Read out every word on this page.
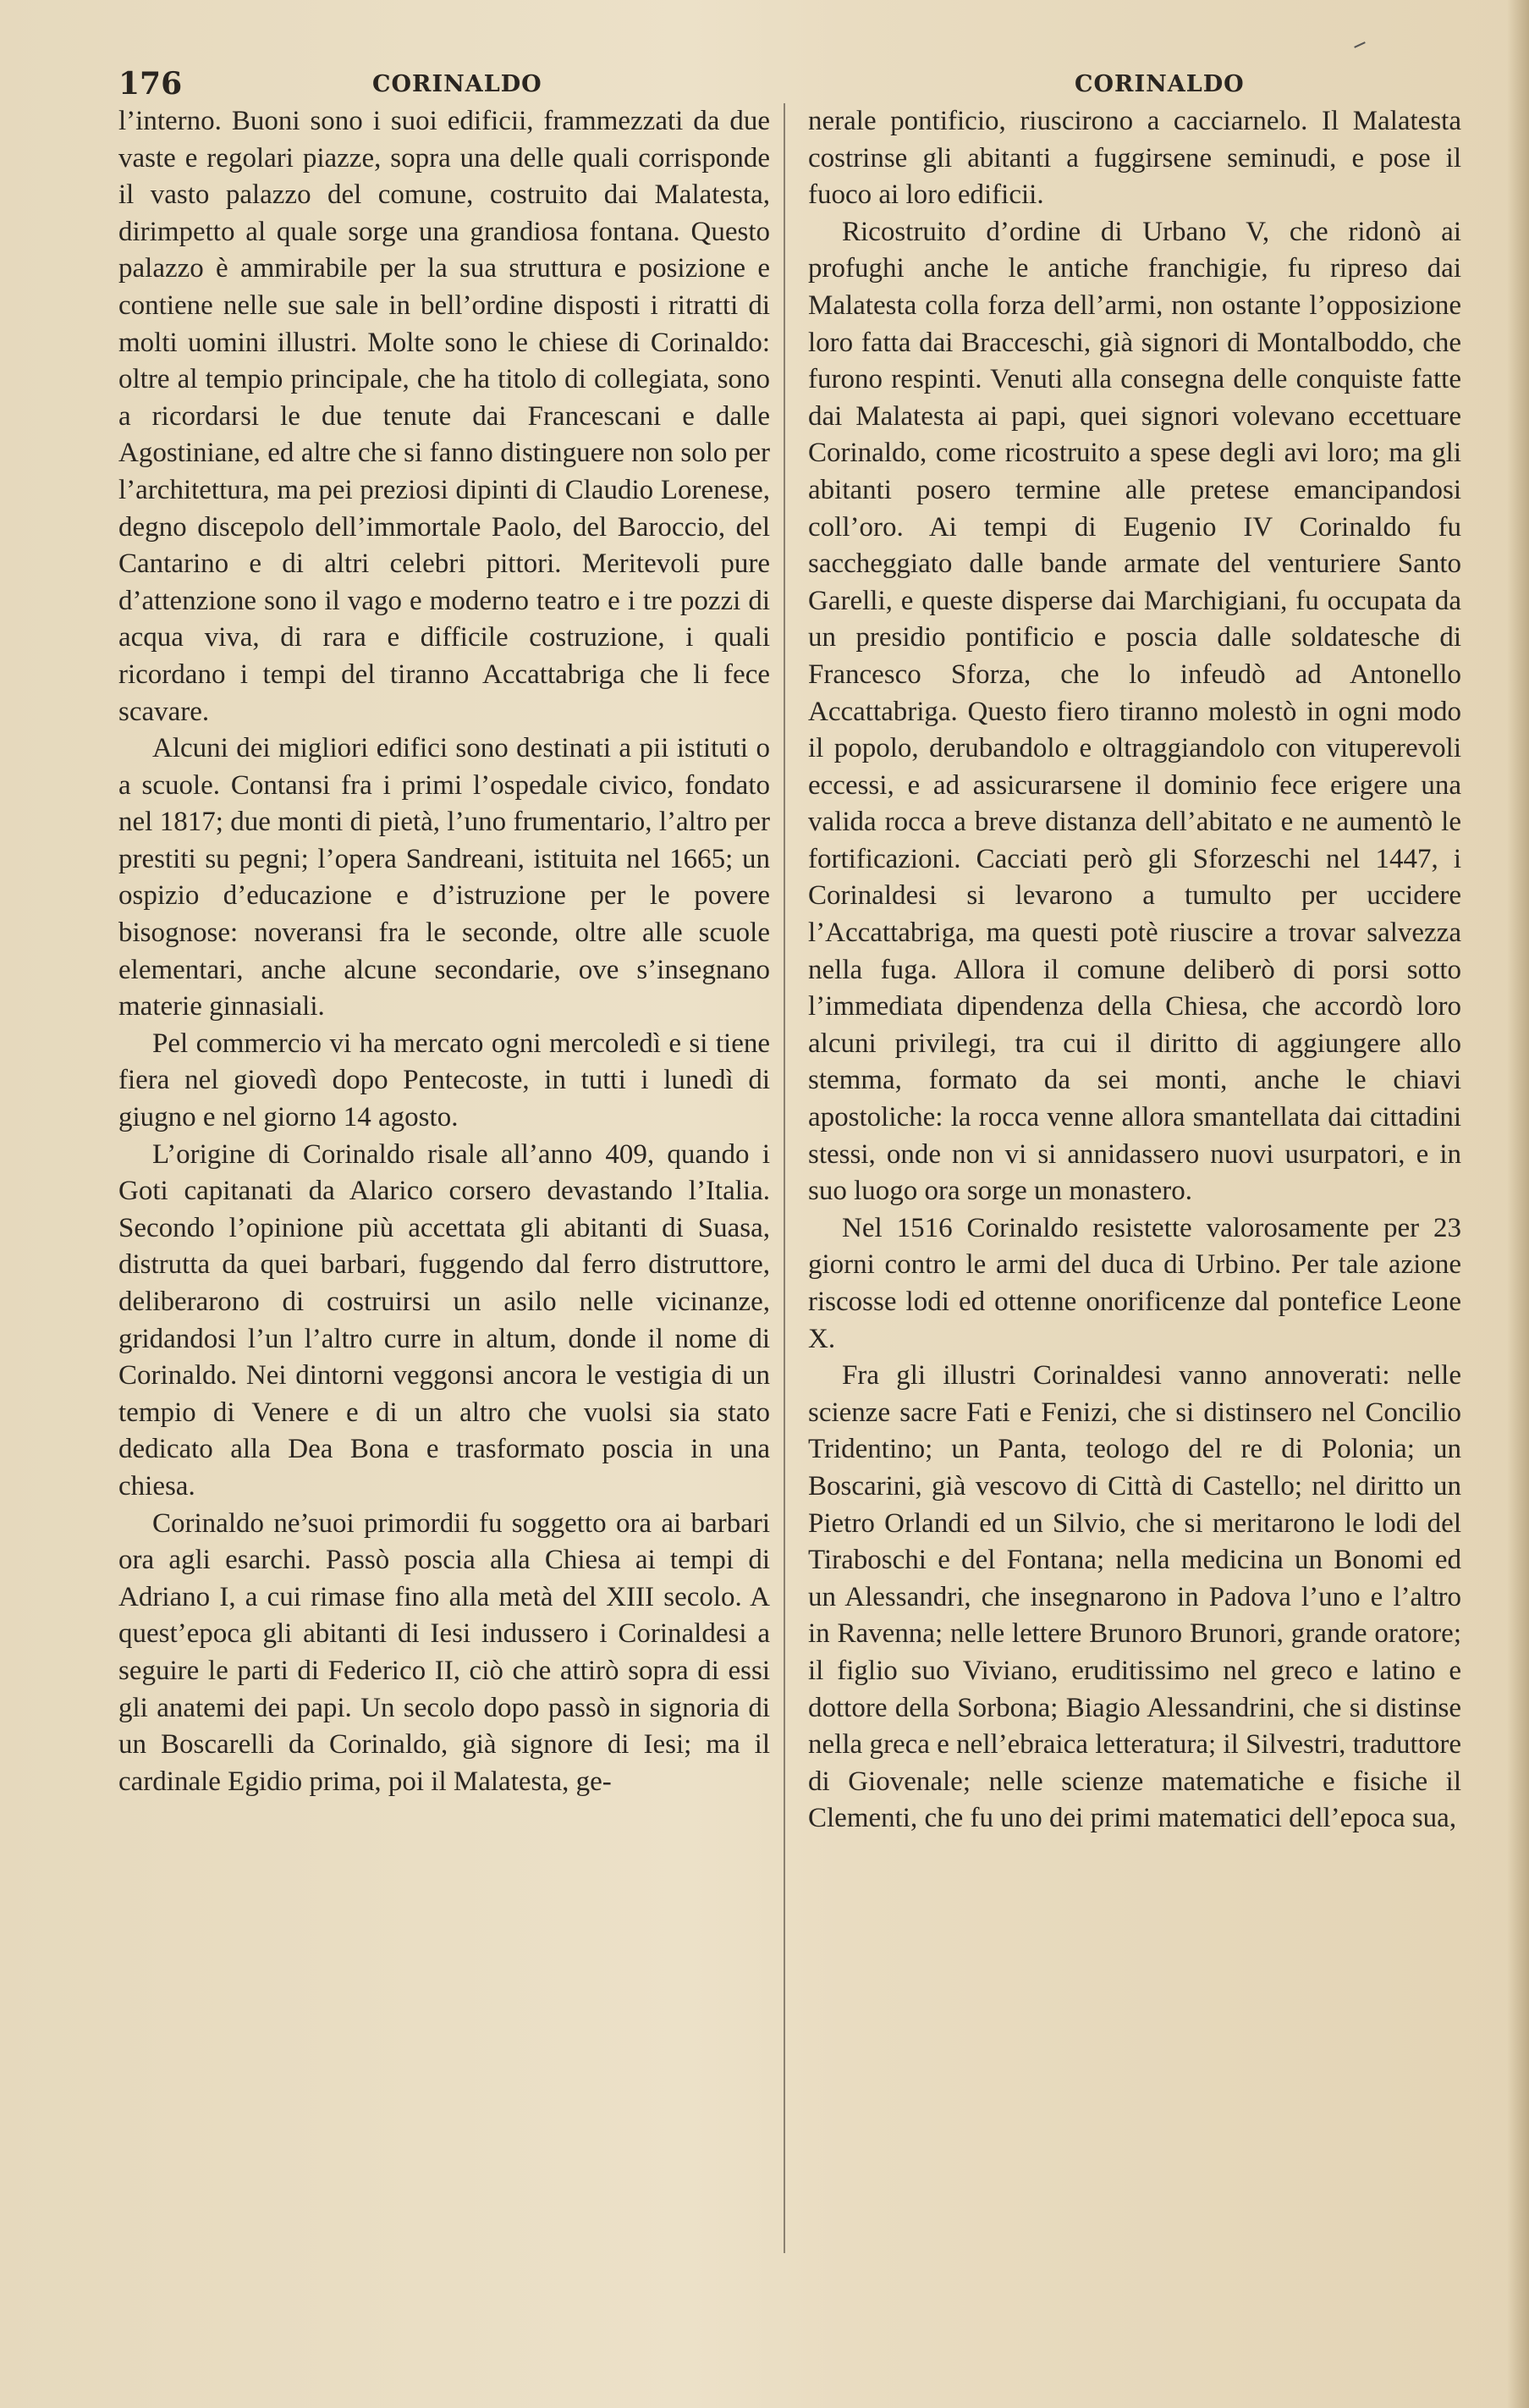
176	CORINALDO	CORINALDO

l’interno. Buoni sono i suoi edificii, frammezzati da due vaste e regolari piazze, sopra una delle quali corrisponde il vasto palazzo del comune, costruito dai Malatesta, dirimpetto al quale sorge una grandiosa fontana. Questo palazzo è ammirabile per la sua struttura e posizione e contiene nelle sue sale in bell’ordine disposti i ritratti di molti uomini illustri. Molte sono le chiese di Corinaldo: oltre al tempio principale, che ha titolo di collegiata, sono a ricordarsi le due tenute dai Francescani e dalle Agostiniane, ed altre che si fanno distinguere non solo per l’architettura, ma pei preziosi dipinti di Claudio Lorenese, degno discepolo dell’immortale Paolo, del Baroccio, del Cantarino e di altri celebri pittori. Meritevoli pure d’attenzione sono il vago e moderno teatro e i tre pozzi di acqua viva, di rara e difficile costruzione, i quali ricordano i tempi del tiranno Accattabriga che li fece scavare.

Alcuni dei migliori edifici sono destinati a pii istituti o a scuole. Contansi fra i primi l’ospedale civico, fondato nel 1817; due monti di pietà, l’uno frumentario, l’altro per prestiti su pegni; l’opera Sandreani, istituita nel 1665; un ospizio d’educazione e d’istruzione per le povere bisognose: noveransi fra le seconde, oltre alle scuole elementari, anche alcune secondarie, ove s’insegnano materie ginnasiali.

Pel commercio vi ha mercato ogni mercoledì e si tiene fiera nel giovedì dopo Pentecoste, in tutti i lunedì di giugno e nel giorno 14 agosto.

L’origine di Corinaldo risale all’anno 409, quando i Goti capitanati da Alarico corsero devastando l’Italia. Secondo l’opinione più accettata gli abitanti di Suasa, distrutta da quei barbari, fuggendo dal ferro distruttore, deliberarono di costruirsi un asilo nelle vicinanze, gridandosi l’un l’altro curre in altum, donde il nome di Corinaldo. Nei dintorni veggonsi ancora le vestigia di un tempio di Venere e di un altro che vuolsi sia stato dedicato alla Dea Bona e trasformato poscia in una chiesa.

Corinaldo ne’suoi primordii fu soggetto ora ai barbari ora agli esarchi. Passò poscia alla Chiesa ai tempi di Adriano I, a cui rimase fino alla metà del XIII secolo. A quest’epoca gli abitanti di Iesi indussero i Corinaldesi a seguire le parti di Federico II, ciò che attirò sopra di essi gli anatemi dei papi. Un secolo dopo passò in signoria di un Boscarelli da Corinaldo, già signore di Iesi; ma il cardinale Egidio prima, poi il Malatesta, ge-

nerale pontificio, riuscirono a cacciarnelo. Il Malatesta costrinse gli abitanti a fuggirsene seminudi, e pose il fuoco ai loro edificii.

Ricostruito d’ordine di Urbano V, che ridonò ai profughi anche le antiche franchigie, fu ripreso dai Malatesta colla forza dell’armi, non ostante l’opposizione loro fatta dai Bracceschi, già signori di Montalboddo, che furono respinti. Venuti alla consegna delle conquiste fatte dai Malatesta ai papi, quei signori volevano eccettuare Corinaldo, come ricostruito a spese degli avi loro; ma gli abitanti posero termine alle pretese emancipandosi coll’oro. Ai tempi di Eugenio IV Corinaldo fu saccheggiato dalle bande armate del venturiere Santo Garelli, e queste disperse dai Marchigiani, fu occupata da un presidio pontificio e poscia dalle soldatesche di Francesco Sforza, che lo infeudò ad Antonello Accattabriga. Questo fiero tiranno molestò in ogni modo il popolo, derubandolo e oltraggiandolo con vituperevoli eccessi, e ad assicurarsene il dominio fece erigere una valida rocca a breve distanza dell’abitato e ne aumentò le fortificazioni. Cacciati però gli Sforzeschi nel 1447, i Corinaldesi si levarono a tumulto per uccidere l’Accattabriga, ma questi potè riuscire a trovar salvezza nella fuga. Allora il comune deliberò di porsi sotto l’immediata dipendenza della Chiesa, che accordò loro alcuni privilegi, tra cui il diritto di aggiungere allo stemma, formato da sei monti, anche le chiavi apostoliche: la rocca venne allora smantellata dai cittadini stessi, onde non vi si annidassero nuovi usurpatori, e in suo luogo ora sorge un monastero.

Nel 1516 Corinaldo resistette valorosamente per 23 giorni contro le armi del duca di Urbino. Per tale azione riscosse lodi ed ottenne onorificenze dal pontefice Leone X.

Fra gli illustri Corinaldesi vanno annoverati: nelle scienze sacre Fati e Fenizi, che si distinsero nel Concilio Tridentino; un Panta, teologo del re di Polonia; un Boscarini, già vescovo di Città di Castello; nel diritto un Pietro Orlandi ed un Silvio, che si meritarono le lodi del Tiraboschi e del Fontana; nella medicina un Bonomi ed un Alessandri, che insegnarono in Padova l’uno e l’altro in Ravenna; nelle lettere Brunoro Brunori, grande oratore; il figlio suo Viviano, eruditissimo nel greco e latino e dottore della Sorbona; Biagio Alessandrini, che si distinse nella greca e nell’ebraica letteratura; il Silvestri, traduttore di Giovenale; nelle scienze matematiche e fisiche il Clementi, che fu uno dei primi matematici dell’epoca sua,
